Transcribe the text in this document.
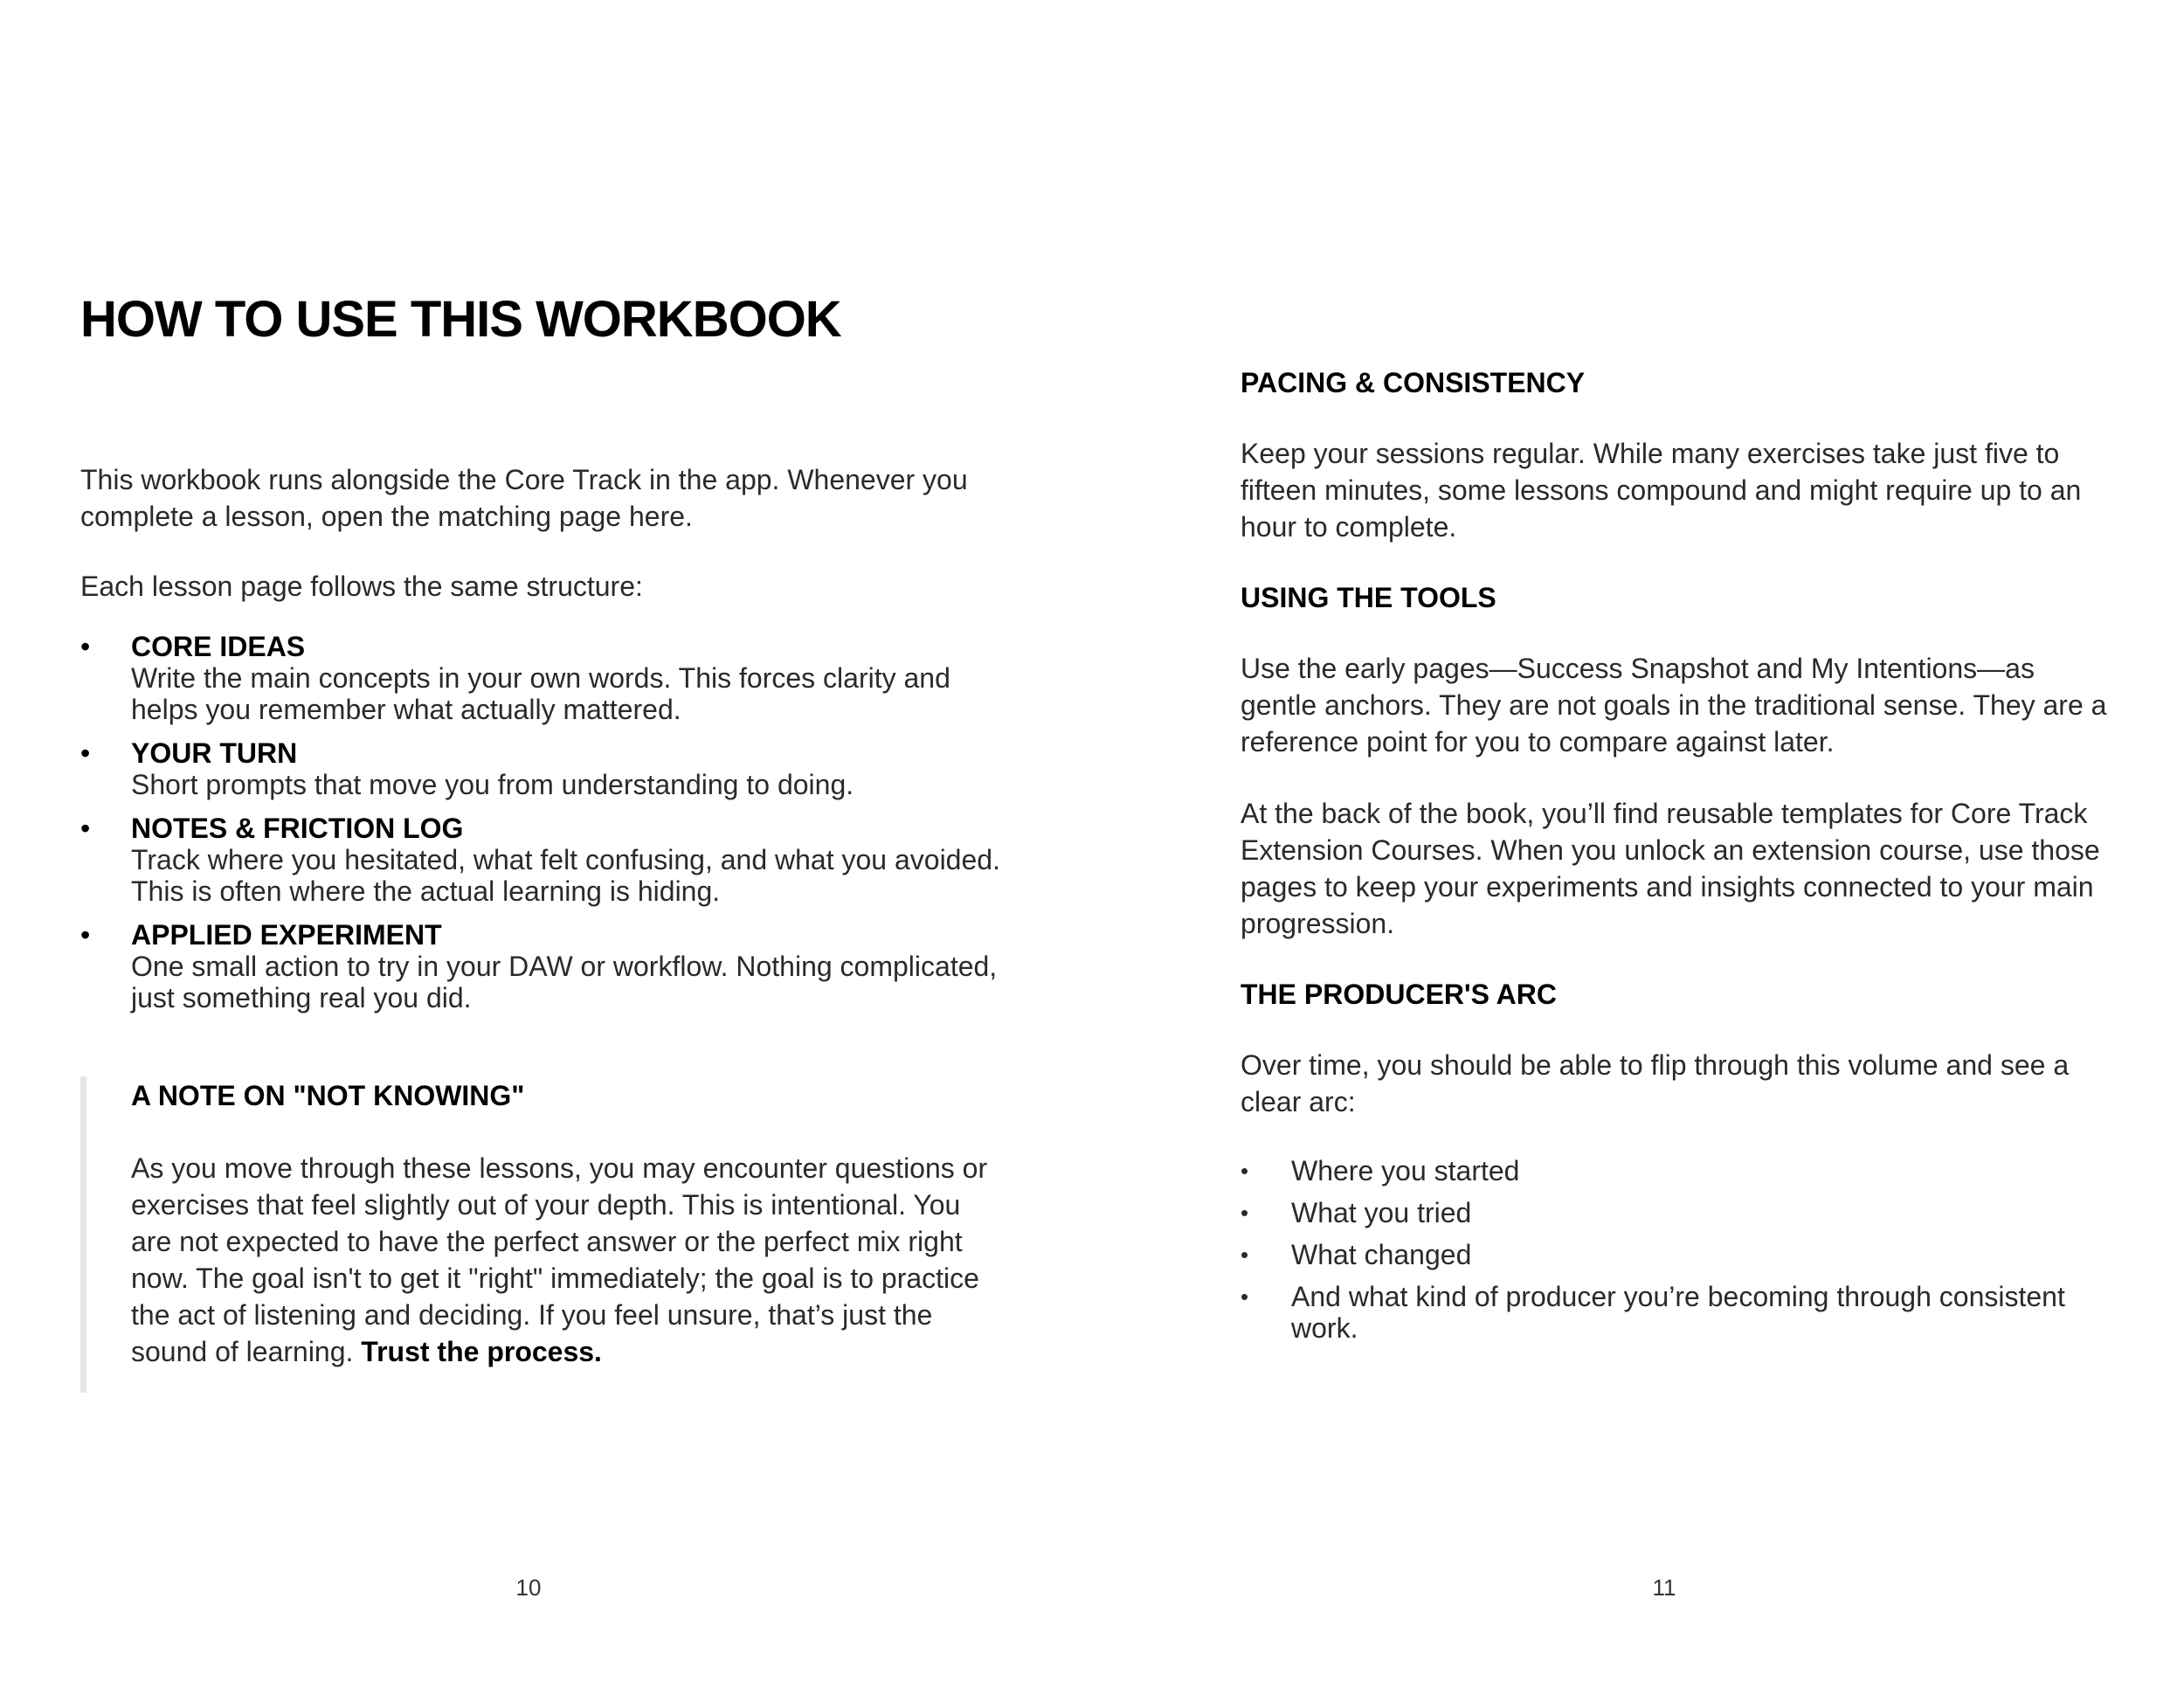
HOW TO USE THIS WORKBOOK

This workbook runs alongside the Core Track in the app. Whenever you complete a lesson, open the matching page here.

Each lesson page follows the same structure:

• CORE IDEAS
Write the main concepts in your own words. This forces clarity and helps you remember what actually mattered.
• YOUR TURN
Short prompts that move you from understanding to doing.
• NOTES & FRICTION LOG
Track where you hesitated, what felt confusing, and what you avoided. This is often where the actual learning is hiding.
• APPLIED EXPERIMENT
One small action to try in your DAW or workflow. Nothing complicated, just something real you did.
A NOTE ON "NOT KNOWING"

As you move through these lessons, you may encounter questions or exercises that feel slightly out of your depth. This is intentional. You are not expected to have the perfect answer or the perfect mix right now. The goal isn't to get it "right" immediately; the goal is to practice the act of listening and deciding. If you feel unsure, that’s just the sound of learning. Trust the process.

10
PACING & CONSISTENCY

Keep your sessions regular. While many exercises take just five to fifteen minutes, some lessons compound and might require up to an hour to complete.

USING THE TOOLS

Use the early pages—Success Snapshot and My Intentions—as gentle anchors. They are not goals in the traditional sense. They are a reference point for you to compare against later.

At the back of the book, you’ll find reusable templates for Core Track Extension Courses. When you unlock an extension course, use those pages to keep your experiments and insights connected to your main progression.

THE PRODUCER'S ARC

Over time, you should be able to flip through this volume and see a clear arc:

• Where you started
• What you tried
• What changed
• And what kind of producer you’re becoming through consistent work.
11
